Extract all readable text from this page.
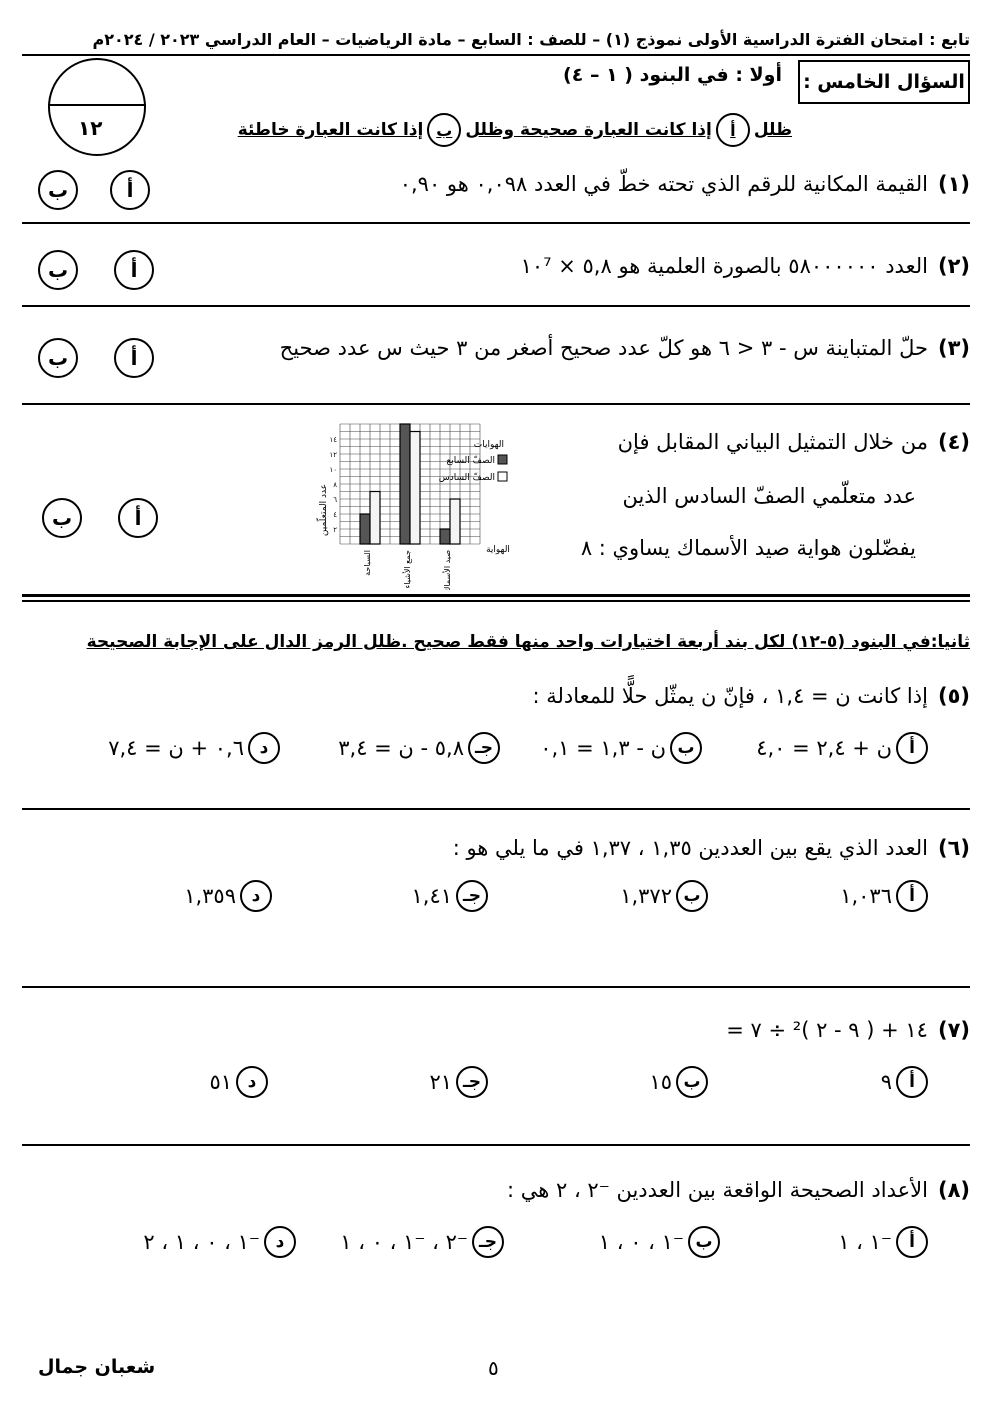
تابع : امتحان الفترة الدراسية الأولى نموذج (١) – للصف : السابع – مادة الرياضيات – العام الدراسي ٢٠٢٣ / ٢٠٢٤م
السؤال الخامس :
١٢
أولا : في البنود ( ١ – ٤)
ظلل
أ
إذا كانت العبارة صحيحة وظلل
ب
إذا كانت العبارة خاطئة
(١)القيمة المكانية للرقم الذي تحته خطّ في العدد ٠,٠٩٨ هو ٠,٩٠
أ
ب
(٢)العدد ٥٨٠٠٠٠٠٠ بالصورة العلمية هو ٥,٨ × ١٠⁷
أ
ب
(٣)حلّ المتباينة س - ٣ < ٦ هو كلّ عدد صحيح أصغر من ٣ حيث س عدد صحيح
أ
ب
(٤)من خلال التمثيل البياني المقابل فإن
عدد متعلّمي الصفّ السادس الذين
يفضّلون هواية صيد الأسماك يساوي : ٨
أ
ب	٢
٤
٦
٨
١٠
١٢
١٤
السباحة	جمع الأشياء	صيد الأسماك
عدد المتعلّمين
الهواية
الهوايات
الصفّ السابع
الصفّ السادس
ثانيا:في البنود (٥-١٢) لكل بند أربعة اختيارات واحد منها فقط صحيح .ظلل الرمز الدال على الإجابة الصحيحة
(٥)إذا كانت ن = ١,٤ ، فإنّ ن يمثّل حلًّا للمعادلة :
أ
ن + ٢,٤ = ٤,٠
ب
ن - ١,٣ = ٠,١
جـ
٥,٨ - ن = ٣,٤
د
٠,٦ + ن = ٧,٤
(٦)العدد الذي يقع بين العددين ١,٣٥ ، ١,٣٧ في ما يلي هو :
أ
١,٠٣٦
ب
١,٣٧٢
جـ
١,٤١
د
١,٣٥٩
(٧)١٤ + ( ٩ - ٢ )² ÷ ٧ =
أ
٩
ب
١٥
جـ
٢١
د
٥١
(٨)الأعداد الصحيحة الواقعة بين العددين ⁻٢ ، ٢ هي :
أ
⁻١ ، ١
ب
⁻١ ، ٠ ، ١
جـ
⁻٢ ، ⁻١ ، ٠ ، ١
د
⁻١ ، ٠ ، ١ ، ٢
شعبان جمال	٥
